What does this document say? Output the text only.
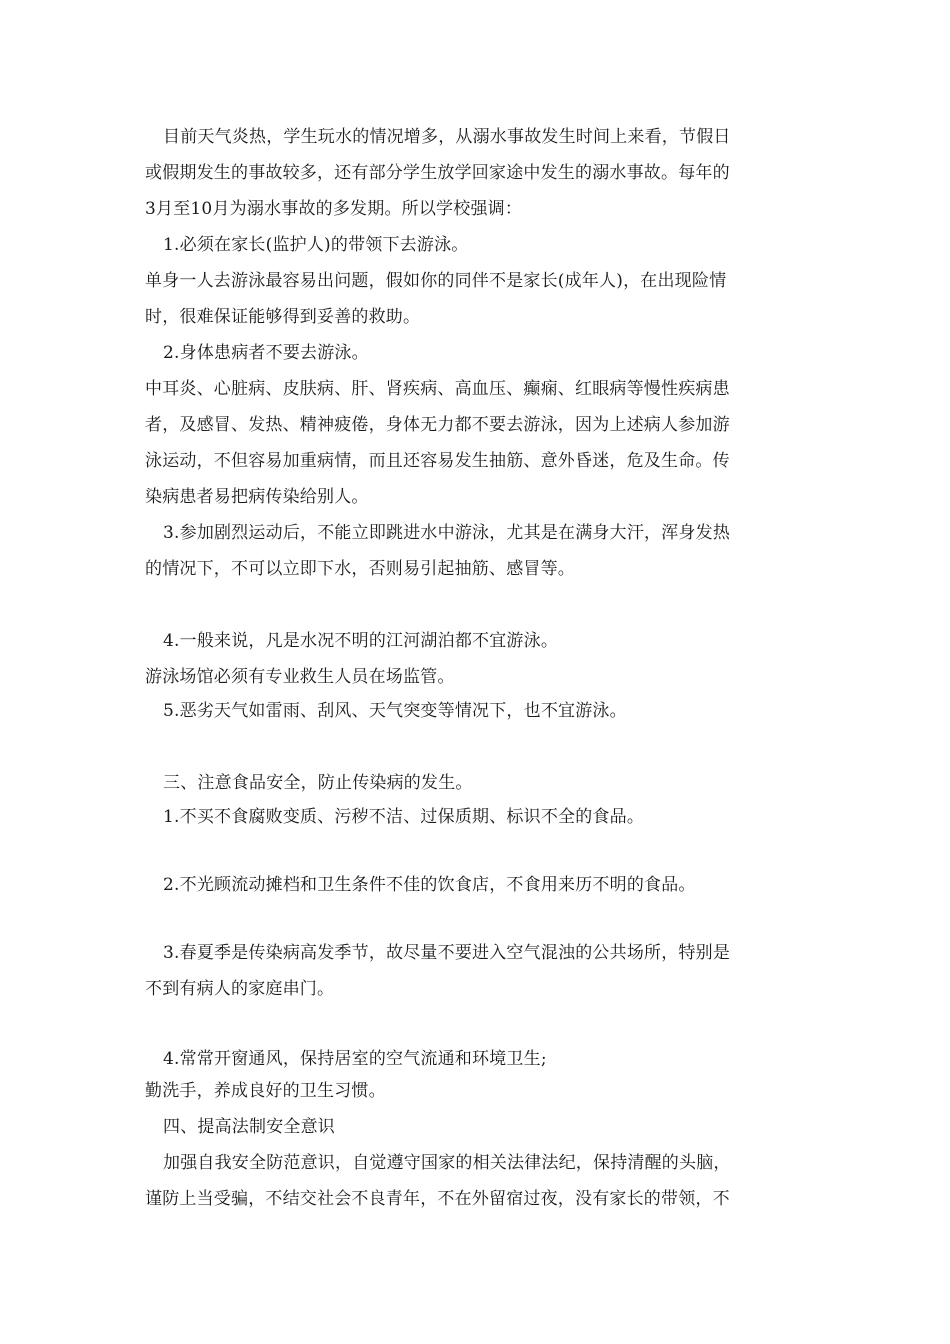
目前天气炎热，学生玩水的情况增多，从溺水事故发生时间上来看，节假日
或假期发生的事故较多，还有部分学生放学回家途中发生的溺水事故。每年的
3月至10月为溺水事故的多发期。所以学校强调：
1.必须在家长(监护人)的带领下去游泳。
单身一人去游泳最容易出问题，假如你的同伴不是家长(成年人)，在出现险情
时，很难保证能够得到妥善的救助。
2.身体患病者不要去游泳。
中耳炎、心脏病、皮肤病、肝、肾疾病、高血压、癫痫、红眼病等慢性疾病患
者，及感冒、发热、精神疲倦，身体无力都不要去游泳，因为上述病人参加游
泳运动，不但容易加重病情，而且还容易发生抽筋、意外昏迷，危及生命。传
染病患者易把病传染给别人。
3.参加剧烈运动后，不能立即跳进水中游泳，尤其是在满身大汗，浑身发热
的情况下，不可以立即下水，否则易引起抽筋、感冒等。
4.一般来说，凡是水况不明的江河湖泊都不宜游泳。
游泳场馆必须有专业救生人员在场监管。
5.恶劣天气如雷雨、刮风、天气突变等情况下，也不宜游泳。
三、注意食品安全，防止传染病的发生。
1.不买不食腐败变质、污秽不洁、过保质期、标识不全的食品。
2.不光顾流动摊档和卫生条件不佳的饮食店，不食用来历不明的食品。
3.春夏季是传染病高发季节，故尽量不要进入空气混浊的公共场所，特别是
不到有病人的家庭串门。
4.常常开窗通风，保持居室的空气流通和环境卫生;
勤洗手，养成良好的卫生习惯。
四、提高法制安全意识
加强自我安全防范意识，自觉遵守国家的相关法律法纪，保持清醒的头脑，
谨防上当受骗，不结交社会不良青年，不在外留宿过夜，没有家长的带领，不
